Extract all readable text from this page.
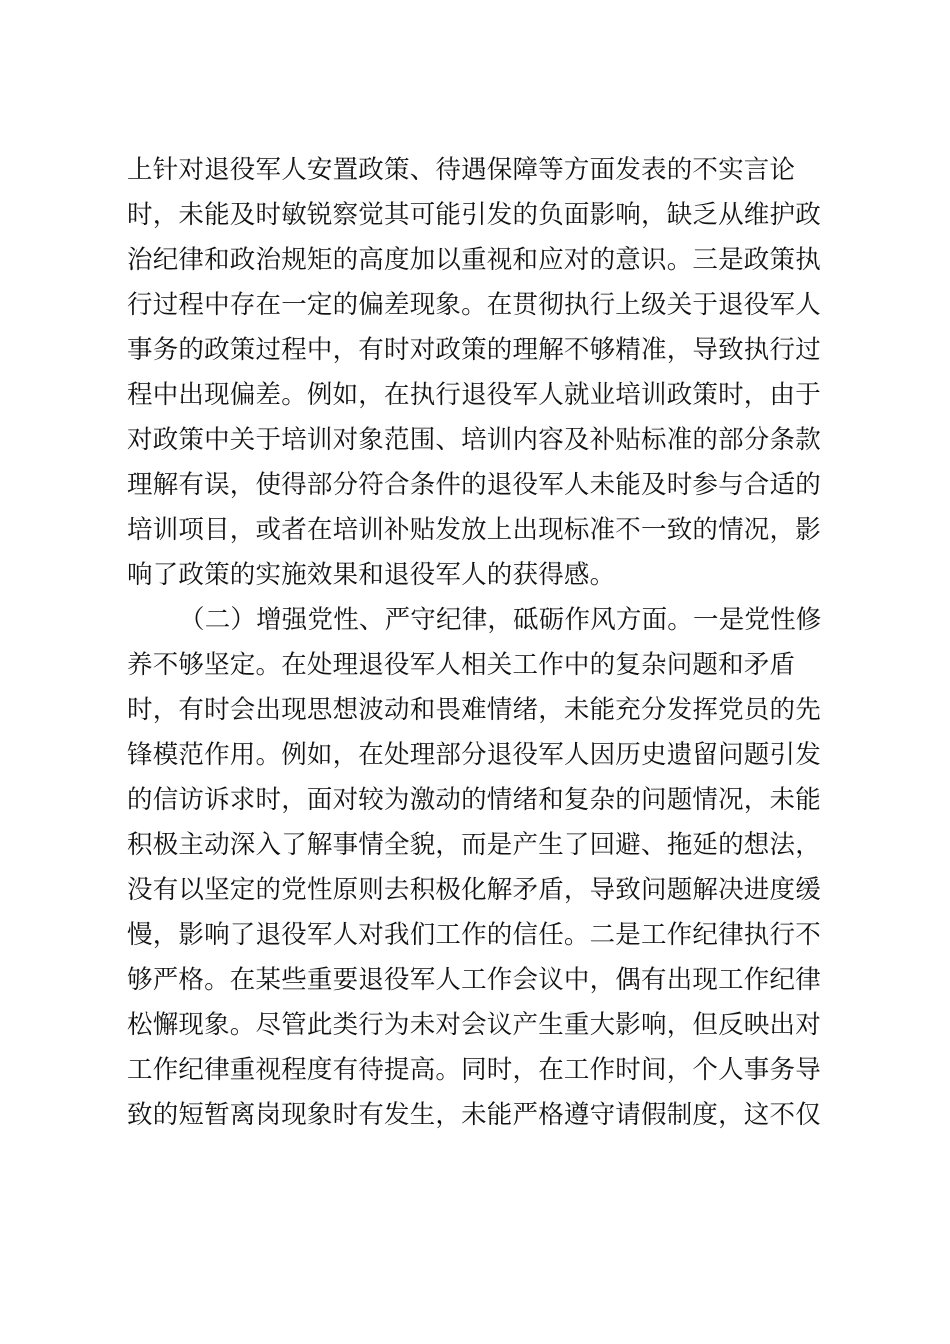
上针对退役军人安置政策、待遇保障等方面发表的不实言论
时，未能及时敏锐察觉其可能引发的负面影响，缺乏从维护政
治纪律和政治规矩的高度加以重视和应对的意识。三是政策执
行过程中存在一定的偏差现象。在贯彻执行上级关于退役军人
事务的政策过程中，有时对政策的理解不够精准，导致执行过
程中出现偏差。例如，在执行退役军人就业培训政策时，由于
对政策中关于培训对象范围、培训内容及补贴标准的部分条款
理解有误，使得部分符合条件的退役军人未能及时参与合适的
培训项目，或者在培训补贴发放上出现标准不一致的情况，影
响了政策的实施效果和退役军人的获得感。
（二）增强党性、严守纪律，砥砺作风方面。一是党性修
养不够坚定。在处理退役军人相关工作中的复杂问题和矛盾
时，有时会出现思想波动和畏难情绪，未能充分发挥党员的先
锋模范作用。例如，在处理部分退役军人因历史遗留问题引发
的信访诉求时，面对较为激动的情绪和复杂的问题情况，未能
积极主动深入了解事情全貌，而是产生了回避、拖延的想法，
没有以坚定的党性原则去积极化解矛盾，导致问题解决进度缓
慢，影响了退役军人对我们工作的信任。二是工作纪律执行不
够严格。在某些重要退役军人工作会议中，偶有出现工作纪律
松懈现象。尽管此类行为未对会议产生重大影响，但反映出对
工作纪律重视程度有待提高。同时，在工作时间，个人事务导
致的短暂离岗现象时有发生，未能严格遵守请假制度，这不仅
